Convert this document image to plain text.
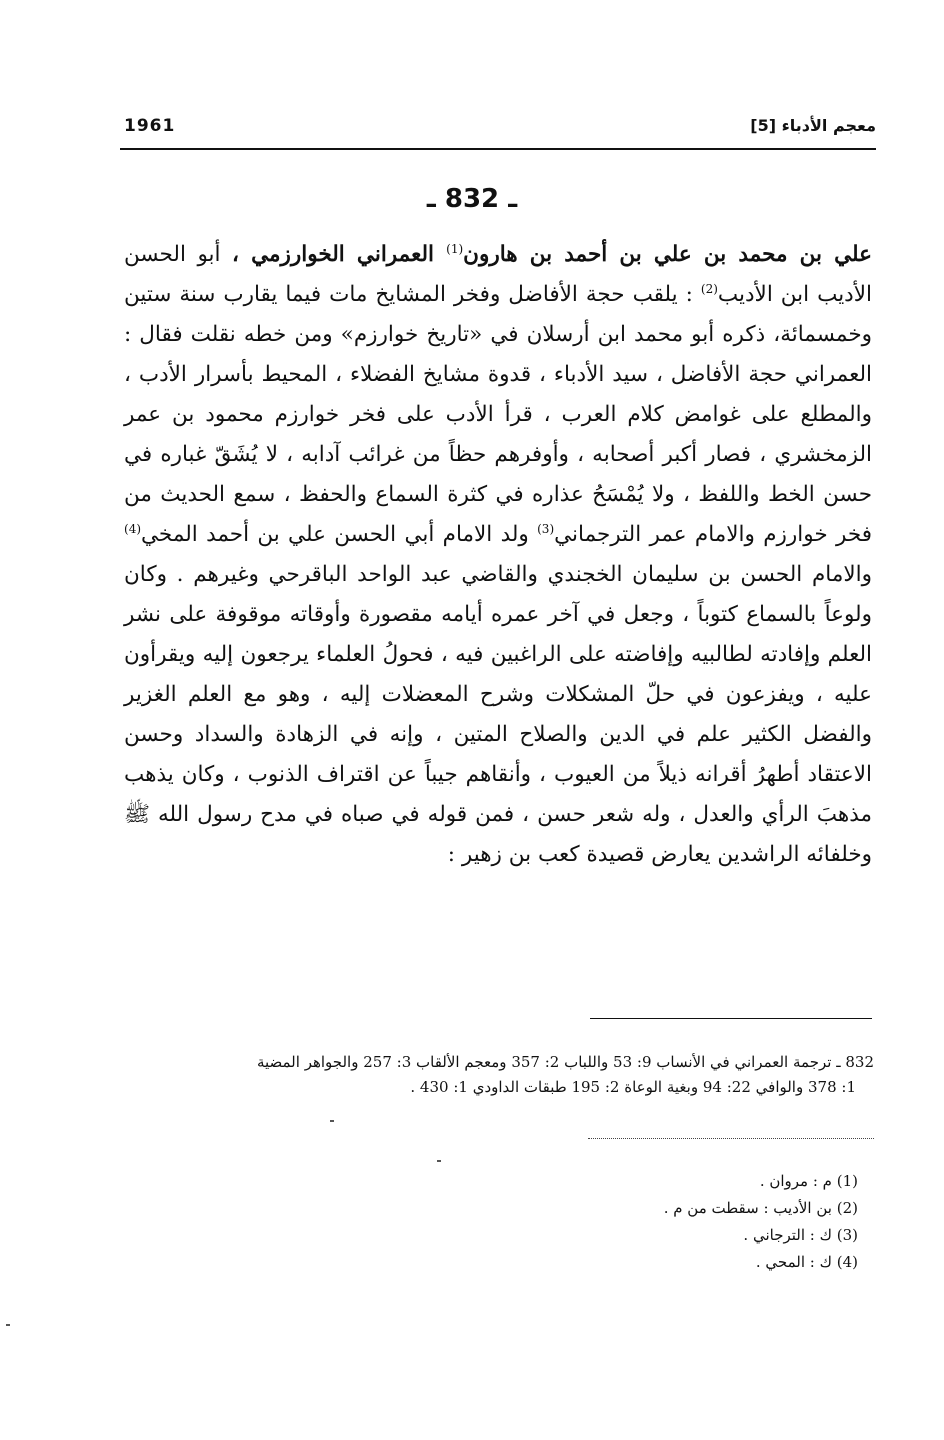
1961	معجم الأدباء [5]
ـ 832 ـ

علي بن محمد بن علي بن أحمد بن هارون$^{(1)}$ العمراني الخوارزمي ، أبو الحسن الأديب ابن الأديب$^{(2)}$ : يلقب حجة الأفاضل وفخر المشايخ مات فيما يقارب سنة ستين وخمسمائة، ذكره أبو محمد ابن أرسلان في «تاريخ خوارزم» ومن خطه نقلت فقال : العمراني حجة الأفاضل ، سيد الأدباء ، قدوة مشايخ الفضلاء ، المحيط بأسرار الأدب ، والمطلع على غوامض كلام العرب ، قرأ الأدب على فخر خوارزم محمود بن عمر الزمخشري ، فصار أكبر أصحابه ، وأوفرهم حظاً من غرائب آدابه ، لا يُشَقّ غباره في حسن الخط واللفظ ، ولا يُمْسَحُ عذاره في كثرة السماع والحفظ ، سمع الحديث من فخر خوارزم والامام عمر الترجماني$^{(3)}$ ولد الامام أبي الحسن علي بن أحمد المخي$^{(4)}$ والامام الحسن بن سليمان الخجندي والقاضي عبد الواحد الباقرحي وغيرهم . وكان ولوعاً بالسماع كتوباً ، وجعل في آخر عمره أيامه مقصورة وأوقاته موقوفة على نشر العلم وإفادته لطالبيه وإفاضته على الراغبين فيه ، فحولُ العلماء يرجعون إليه ويقرأون عليه ، ويفزعون في حلّ المشكلات وشرح المعضلات إليه ، وهو مع العلم الغزير والفضل الكثير علم في الدين والصلاح المتين ، وإنه في الزهادة والسداد وحسن الاعتقاد أطهرُ أقرانه ذيلاً من العيوب ، وأنقاهم جيباً عن اقتراف الذنوب ، وكان يذهب مذهبَ الرأي والعدل ، وله شعر حسن ، فمن قوله في صباه في مدح رسول الله ﷺ وخلفائه الراشدين يعارض قصيدة كعب بن زهير :

832 ـ ترجمة العمراني في الأنساب 9: 53 واللباب 2: 357 ومعجم الألقاب 3: 257 والجواهر المضية

1: 378 والوافي 22: 94 وبغية الوعاة 2: 195 طبقات الداودي 1: 430 .

(1) م : مروان .
(2) بن الأديب : سقطت من م .
(3) ك : الترجاني .
(4) ك : المحي .
